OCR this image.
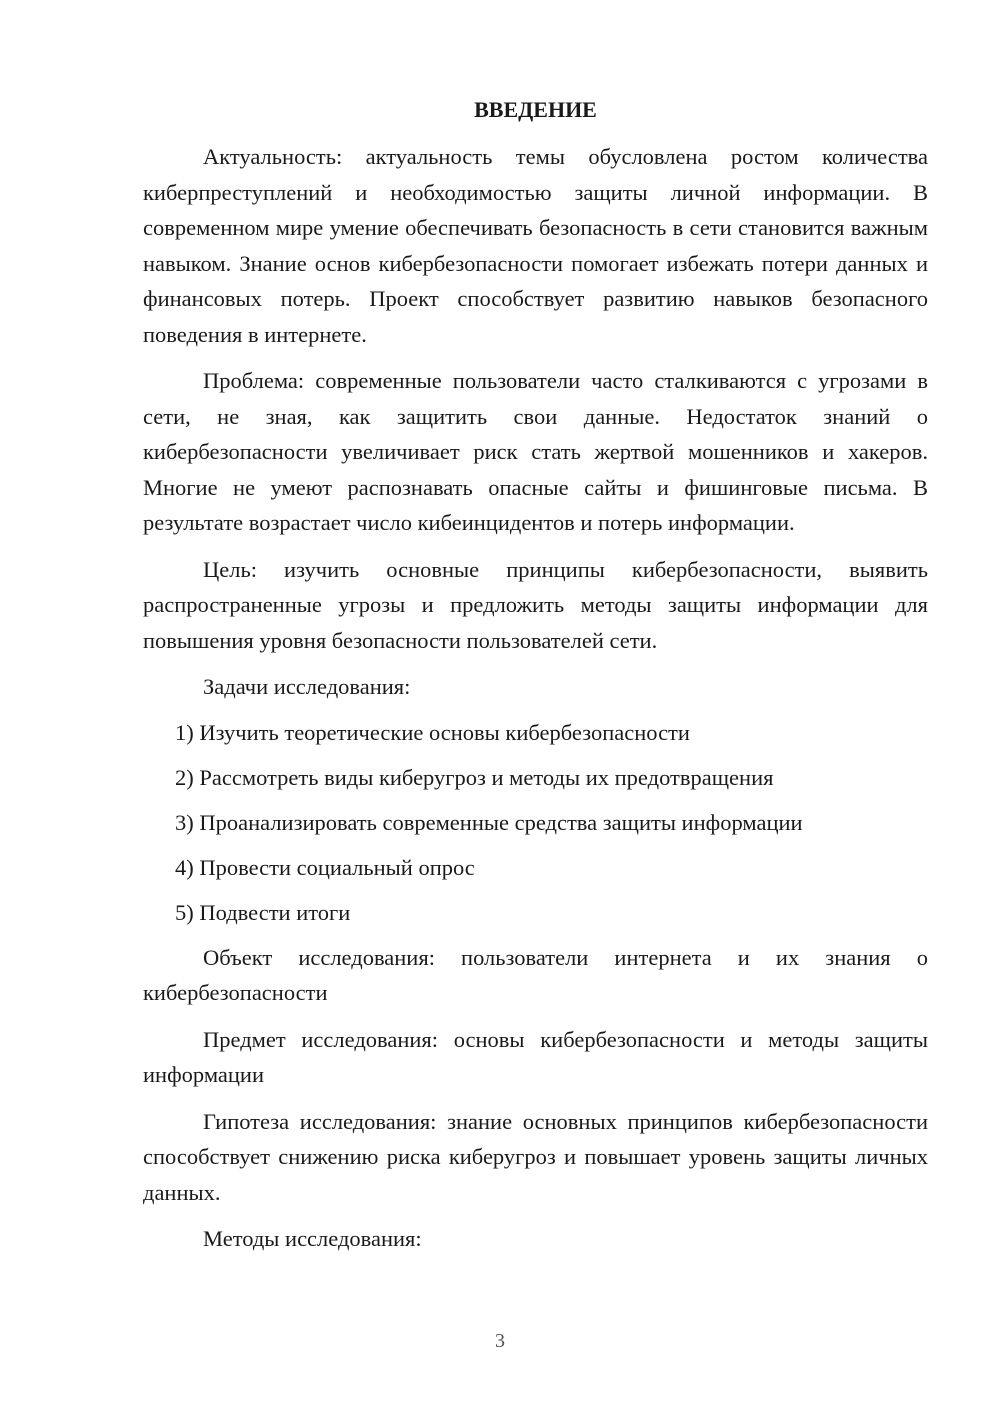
ВВЕДЕНИЕ

Актуальность: актуальность темы обусловлена ростом количества киберпреступлений и необходимостью защиты личной информации. В современном мире умение обеспечивать безопасность в сети становится важным навыком. Знание основ кибербезопасности помогает избежать потери данных и финансовых потерь. Проект способствует развитию навыков безопасного поведения в интернете.

Проблема: современные пользователи часто сталкиваются с угрозами в сети, не зная, как защитить свои данные. Недостаток знаний о кибербезопасности увеличивает риск стать жертвой мошенников и хакеров. Многие не умеют распознавать опасные сайты и фишинговые письма. В результате возрастает число кибеинцидентов и потерь информации.

Цель: изучить основные принципы кибербезопасности, выявить распространенные угрозы и предложить методы защиты информации для повышения уровня безопасности пользователей сети.

Задачи исследования:

1) Изучить теоретические основы кибербезопасности
2) Рассмотреть виды киберугроз и методы их предотвращения
3) Проанализировать современные средства защиты информации
4) Провести социальный опрос
5) Подвести итоги

Объект исследования: пользователи интернета и их знания о кибербезопасности

Предмет исследования: основы кибербезопасности и методы защиты информации

Гипотеза исследования: знание основных принципов кибербезопасности способствует снижению риска киберугроз и повышает уровень защиты личных данных.

Методы исследования:

3
